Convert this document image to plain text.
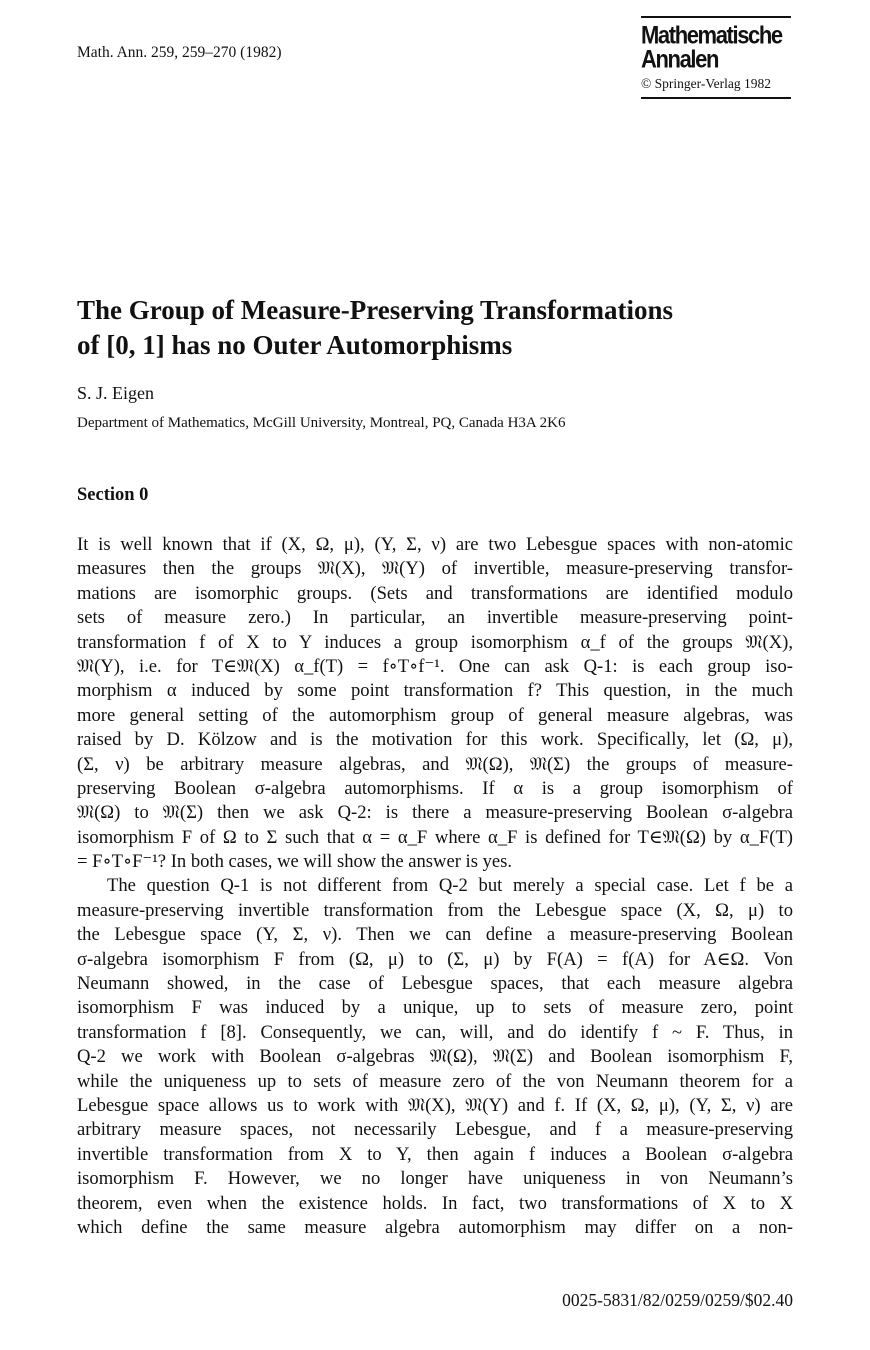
Math. Ann. 259, 259–270 (1982)
Mathematische
Annalen
© Springer-Verlag 1982
The Group of Measure-Preserving Transformations
of [0, 1] has no Outer Automorphisms
S. J. Eigen
Department of Mathematics, McGill University, Montreal, PQ, Canada H3A 2K6
Section 0
It is well known that if (X, Ω, μ), (Y, Σ, ν) are two Lebesgue spaces with non-atomic
measures then the groups 𝔐(X), 𝔐(Y) of invertible, measure-preserving transfor-
mations are isomorphic groups. (Sets and transformations are identified modulo
sets of measure zero.) In particular, an invertible measure-preserving point-
transformation f of X to Y induces a group isomorphism α_f of the groups 𝔐(X),
𝔐(Y), i.e. for T∈𝔐(X) α_f(T) = f∘T∘f⁻¹. One can ask Q-1: is each group iso-
morphism α induced by some point transformation f? This question, in the much
more general setting of the automorphism group of general measure algebras, was
raised by D. Kölzow and is the motivation for this work. Specifically, let (Ω, μ),
(Σ, ν) be arbitrary measure algebras, and 𝔐(Ω), 𝔐(Σ) the groups of measure-
preserving Boolean σ-algebra automorphisms. If α is a group isomorphism of
𝔐(Ω) to 𝔐(Σ) then we ask Q-2: is there a measure-preserving Boolean σ-algebra
isomorphism F of Ω to Σ such that α = α_F where α_F is defined for T∈𝔐(Ω) by α_F(T)
= F∘T∘F⁻¹? In both cases, we will show the answer is yes.
The question Q-1 is not different from Q-2 but merely a special case. Let f be a
measure-preserving invertible transformation from the Lebesgue space (X, Ω, μ) to
the Lebesgue space (Y, Σ, ν). Then we can define a measure-preserving Boolean
σ-algebra isomorphism F from (Ω, μ) to (Σ, μ) by F(A) = f(A) for A∈Ω. Von
Neumann showed, in the case of Lebesgue spaces, that each measure algebra
isomorphism F was induced by a unique, up to sets of measure zero, point
transformation f [8]. Consequently, we can, will, and do identify f ~ F. Thus, in
Q-2 we work with Boolean σ-algebras 𝔐(Ω), 𝔐(Σ) and Boolean isomorphism F,
while the uniqueness up to sets of measure zero of the von Neumann theorem for a
Lebesgue space allows us to work with 𝔐(X), 𝔐(Y) and f. If (X, Ω, μ), (Y, Σ, ν) are
arbitrary measure spaces, not necessarily Lebesgue, and f a measure-preserving
invertible transformation from X to Y, then again f induces a Boolean σ-algebra
isomorphism F. However, we no longer have uniqueness in von Neumann’s
theorem, even when the existence holds. In fact, two transformations of X to X
which define the same measure algebra automorphism may differ on a non-
0025-5831/82/0259/0259/$02.40
